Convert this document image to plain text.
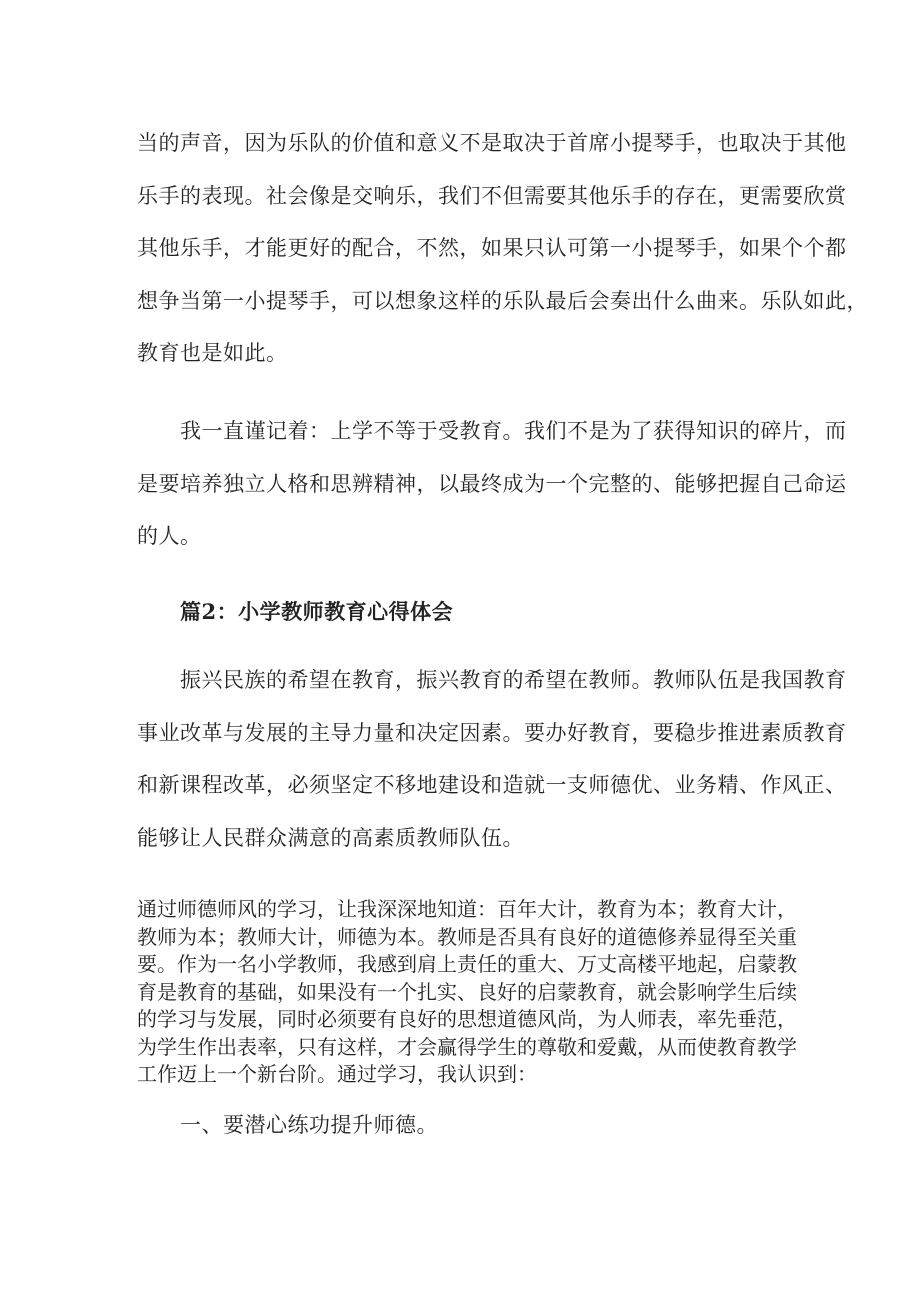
当的声音，因为乐队的价值和意义不是取决于首席小提琴手，也取决于其他
乐手的表现。社会像是交响乐，我们不但需要其他乐手的存在，更需要欣赏
其他乐手，才能更好的配合，不然，如果只认可第一小提琴手，如果个个都
想争当第一小提琴手，可以想象这样的乐队最后会奏出什么曲来。乐队如此，
教育也是如此。
我一直谨记着：上学不等于受教育。我们不是为了获得知识的碎片，而
是要培养独立人格和思辨精神，以最终成为一个完整的、能够把握自己命运
的人。
篇2：小学教师教育心得体会
振兴民族的希望在教育，振兴教育的希望在教师。教师队伍是我国教育
事业改革与发展的主导力量和决定因素。要办好教育，要稳步推进素质教育
和新课程改革，必须坚定不移地建设和造就一支师德优、业务精、作风正、
能够让人民群众满意的高素质教师队伍。
通过师德师风的学习，让我深深地知道：百年大计，教育为本；教育大计，
教师为本；教师大计，师德为本。教师是否具有良好的道德修养显得至关重
要。作为一名小学教师，我感到肩上责任的重大、万丈高楼平地起，启蒙教
育是教育的基础，如果没有一个扎实、良好的启蒙教育，就会影响学生后续
的学习与发展，同时必须要有良好的思想道德风尚，为人师表，率先垂范，
为学生作出表率，只有这样，才会赢得学生的尊敬和爱戴，从而使教育教学
工作迈上一个新台阶。通过学习，我认识到：

一、要潜心练功提升师德。
